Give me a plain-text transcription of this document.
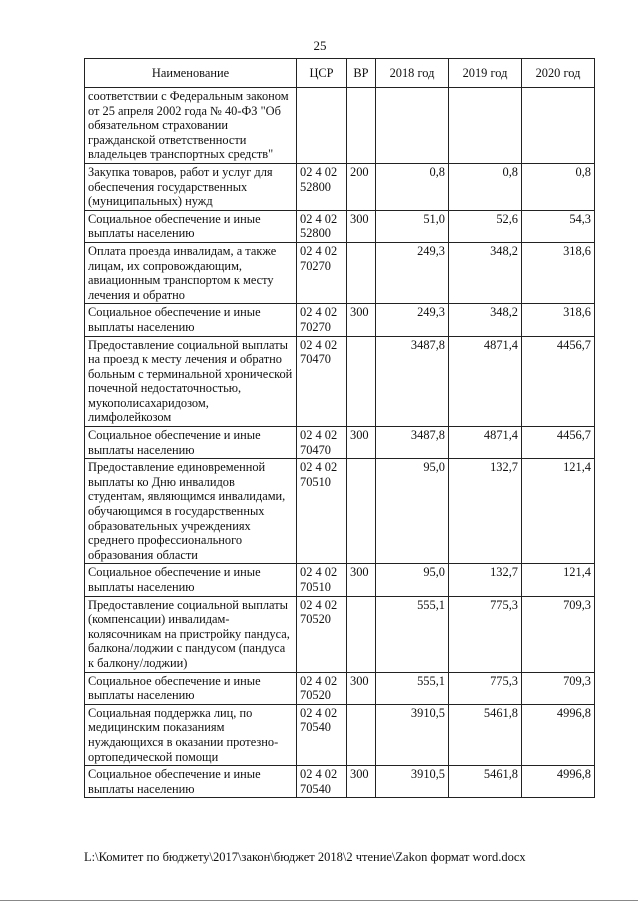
25
Наименование	ЦСР	ВР	2018 год	2019 год	2020 год
соответствии с Федеральным законом от 25 апреля 2002 года № 40-ФЗ "Об обязательном страховании гражданской ответственности владельцев транспортных средств"					
Закупка товаров, работ и услуг для обеспечения государственных (муниципальных) нужд	02 4 02 52800	200	0,8	0,8	0,8
Социальное обеспечение и иные выплаты населению	02 4 02 52800	300	51,0	52,6	54,3
Оплата проезда инвалидам, а также лицам, их сопровождающим, авиационным транспортом к месту лечения и обратно	02 4 02 70270		249,3	348,2	318,6
Социальное обеспечение и иные выплаты населению	02 4 02 70270	300	249,3	348,2	318,6
Предоставление социальной выплаты на проезд к месту лечения и обратно больным с терминальной хронической почечной недостаточностью, мукополисахаридозом, лимфолейкозом	02 4 02 70470		3487,8	4871,4	4456,7
Социальное обеспечение и иные выплаты населению	02 4 02 70470	300	3487,8	4871,4	4456,7
Предоставление единовременной выплаты ко Дню инвалидов студентам, являющимся инвалидами, обучающимся в государственных образовательных учреждениях среднего профессионального образования области	02 4 02 70510		95,0	132,7	121,4
Социальное обеспечение и иные выплаты населению	02 4 02 70510	300	95,0	132,7	121,4
Предоставление социальной выплаты (компенсации) инвалидам-колясочникам на пристройку пандуса, балкона/лоджии с пандусом (пандуса к балкону/лоджии)	02 4 02 70520		555,1	775,3	709,3
Социальное обеспечение и иные выплаты населению	02 4 02 70520	300	555,1	775,3	709,3
Социальная поддержка лиц, по медицинским показаниям нуждающихся в оказании протезно-ортопедической помощи	02 4 02 70540		3910,5	5461,8	4996,8
Социальное обеспечение и иные выплаты населению	02 4 02 70540	300	3910,5	5461,8	4996,8
L:\Комитет по бюджету\2017\закон\бюджет 2018\2 чтение\Zakon формат word.docx
